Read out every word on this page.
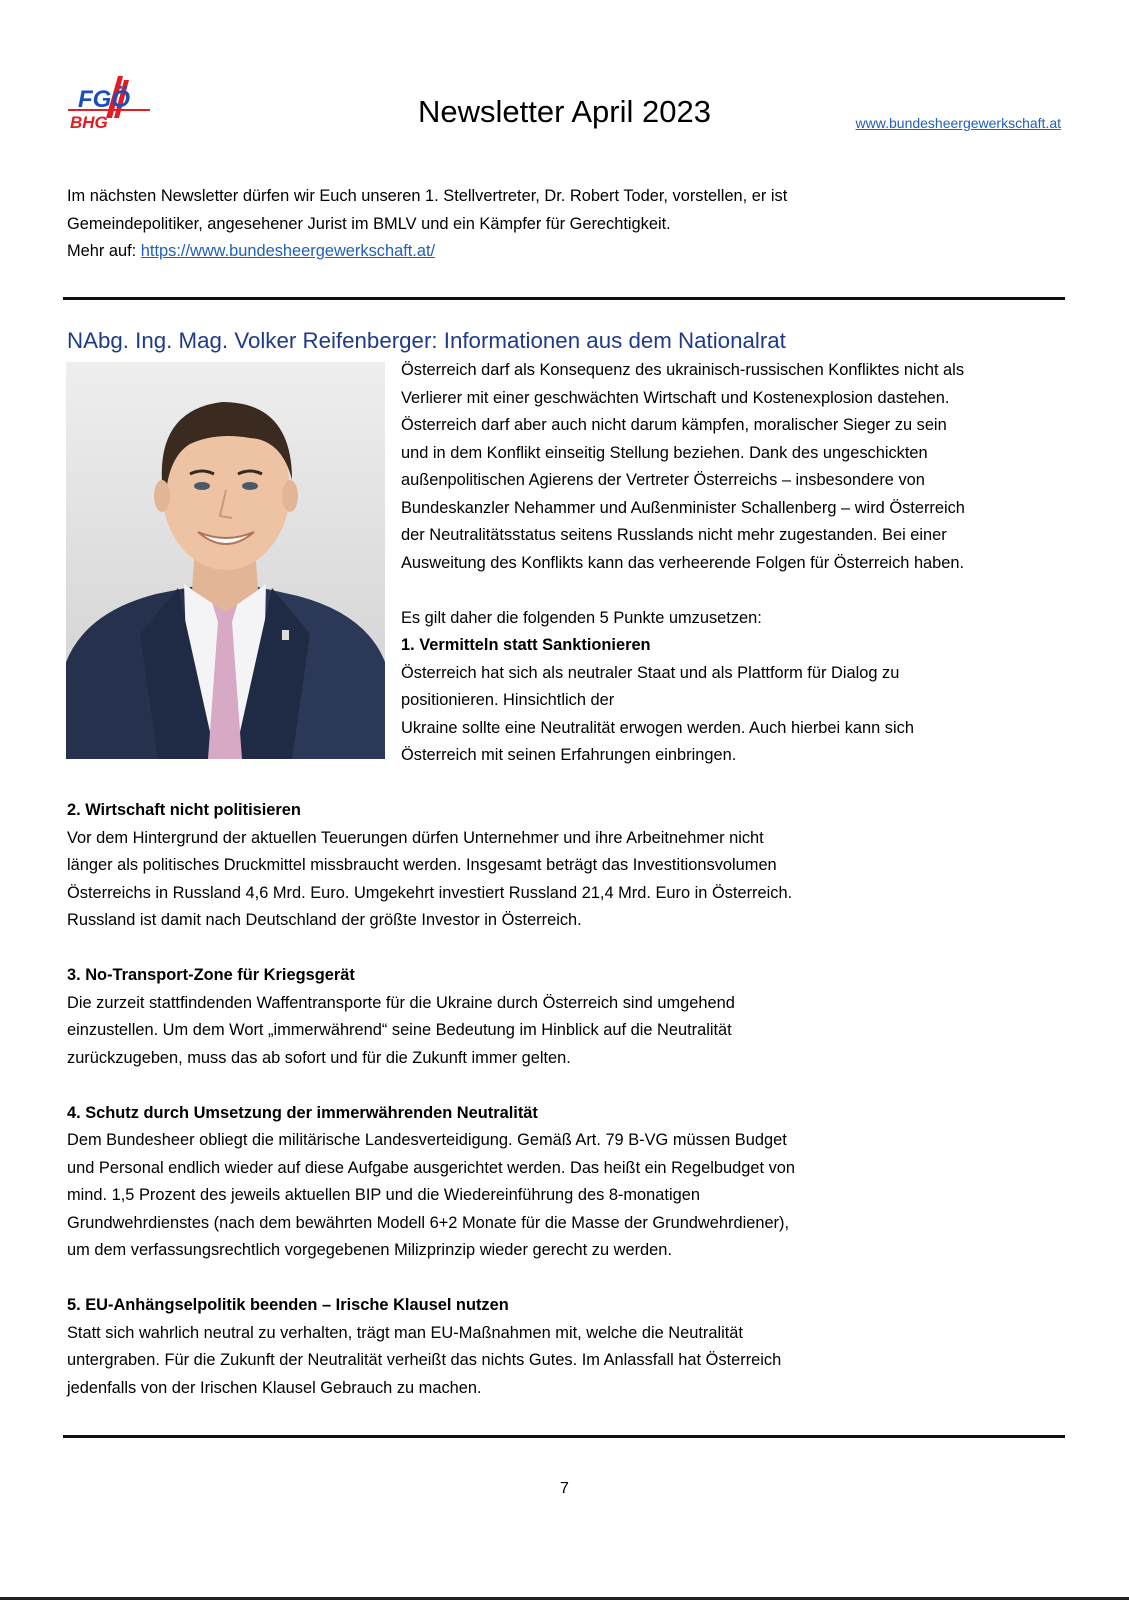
FGÖ
BHG	Newsletter April 2023	www.bundesheergewerkschaft.at
Im nächsten Newsletter dürfen wir Euch unseren 1. Stellvertreter, Dr. Robert Toder, vorstellen, er ist
Gemeindepolitiker, angesehener Jurist im BMLV und ein Kämpfer für Gerechtigkeit.
Mehr auf: https://www.bundesheergewerkschaft.at/
NAbg. Ing. Mag. Volker Reifenberger: Informationen aus dem Nationalrat

Österreich darf als Konsequenz des ukrainisch-russischen Konfliktes nicht als

Verlierer mit einer geschwächten Wirtschaft und Kostenexplosion dastehen.

Österreich darf aber auch nicht darum kämpfen, moralischer Sieger zu sein

und in dem Konflikt einseitig Stellung beziehen. Dank des ungeschickten

außenpolitischen Agierens der Vertreter Österreichs – insbesondere von

Bundeskanzler Nehammer und Außenminister Schallenberg – wird Österreich

der Neutralitätsstatus seitens Russlands nicht mehr zugestanden. Bei einer

Ausweitung des Konflikts kann das verheerende Folgen für Österreich haben.

Es gilt daher die folgenden 5 Punkte umzusetzen:

1. Vermitteln statt Sanktionieren

Österreich hat sich als neutraler Staat und als Plattform für Dialog zu

positionieren. Hinsichtlich der

Ukraine sollte eine Neutralität erwogen werden. Auch hierbei kann sich

Österreich mit seinen Erfahrungen einbringen.

2. Wirtschaft nicht politisieren

Vor dem Hintergrund der aktuellen Teuerungen dürfen Unternehmer und ihre Arbeitnehmer nicht

länger als politisches Druckmittel missbraucht werden. Insgesamt beträgt das Investitionsvolumen

Österreichs in Russland 4,6 Mrd. Euro. Umgekehrt investiert Russland 21,4 Mrd. Euro in Österreich.

Russland ist damit nach Deutschland der größte Investor in Österreich.

3. No-Transport-Zone für Kriegsgerät

Die zurzeit stattfindenden Waffentransporte für die Ukraine durch Österreich sind umgehend

einzustellen. Um dem Wort „immerwährend“ seine Bedeutung im Hinblick auf die Neutralität

zurückzugeben, muss das ab sofort und für die Zukunft immer gelten.

4. Schutz durch Umsetzung der immerwährenden Neutralität

Dem Bundesheer obliegt die militärische Landesverteidigung. Gemäß Art. 79 B-VG müssen Budget

und Personal endlich wieder auf diese Aufgabe ausgerichtet werden. Das heißt ein Regelbudget von

mind. 1,5 Prozent des jeweils aktuellen BIP und die Wiedereinführung des 8-monatigen

Grundwehrdienstes (nach dem bewährten Modell 6+2 Monate für die Masse der Grundwehrdiener),

um dem verfassungsrechtlich vorgegebenen Milizprinzip wieder gerecht zu werden.

5. EU-Anhängselpolitik beenden – Irische Klausel nutzen

Statt sich wahrlich neutral zu verhalten, trägt man EU-Maßnahmen mit, welche die Neutralität

untergraben. Für die Zukunft der Neutralität verheißt das nichts Gutes. Im Anlassfall hat Österreich

jedenfalls von der Irischen Klausel Gebrauch zu machen.

7
